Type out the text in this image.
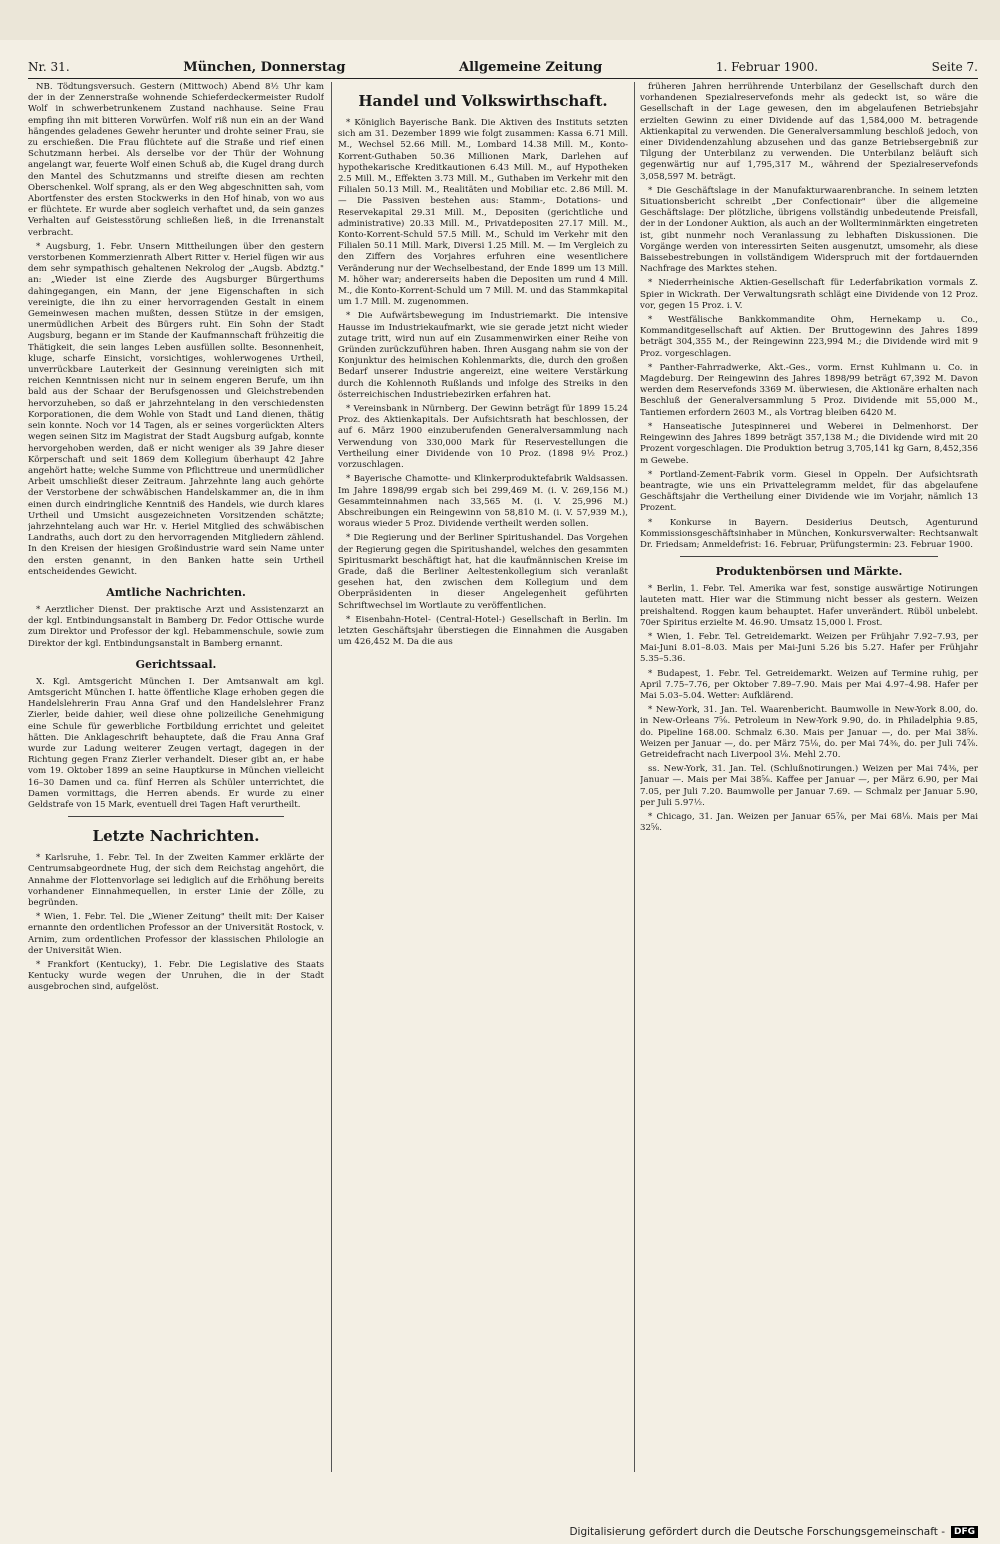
Nr. 31.	München, Donnerstag	Allgemeine Zeitung	1. Februar 1900.	Seite 7.

NB. Tödtungsversuch. Gestern (Mittwoch) Abend 8½ Uhr kam der in der Zennerstraße wohnende Schieferdeckermeister Rudolf Wolf in schwerbetrunkenem Zustand nachhause. Seine Frau empfing ihn mit bitteren Vorwürfen. Wolf riß nun ein an der Wand hängendes geladenes Gewehr herunter und drohte seiner Frau, sie zu erschießen. Die Frau flüchtete auf die Straße und rief einen Schutzmann herbei. Als derselbe vor der Thür der Wohnung angelangt war, feuerte Wolf einen Schuß ab, die Kugel drang durch den Mantel des Schutzmanns und streifte diesen am rechten Oberschenkel. Wolf sprang, als er den Weg abgeschnitten sah, vom Abortfenster des ersten Stockwerks in den Hof hinab, von wo aus er flüchtete. Er wurde aber sogleich verhaftet und, da sein ganzes Verhalten auf Geistesstörung schließen ließ, in die Irrenanstalt verbracht.

* Augsburg, 1. Febr. Unsern Mittheilungen über den gestern verstorbenen Kommerzienrath Albert Ritter v. Heriel fügen wir aus dem sehr sympathisch gehaltenen Nekrolog der „Augsb. Abdztg." an: „Wieder ist eine Zierde des Augsburger Bürgerthums dahingegangen, ein Mann, der jene Eigenschaften in sich vereinigte, die ihn zu einer hervorragenden Gestalt in einem Gemeinwesen machen mußten, dessen Stütze in der emsigen, unermüdlichen Arbeit des Bürgers ruht. Ein Sohn der Stadt Augsburg, begann er im Stande der Kaufmannschaft frühzeitig die Thätigkeit, die sein langes Leben ausfüllen sollte. Besonnenheit, kluge, scharfe Einsicht, vorsichtiges, wohlerwogenes Urtheil, unverrückbare Lauterkeit der Gesinnung vereinigten sich mit reichen Kenntnissen nicht nur in seinem engeren Berufe, um ihn bald aus der Schaar der Berufsgenossen und Gleichstrebenden hervorzuheben, so daß er jahrzehntelang in den verschiedensten Korporationen, die dem Wohle von Stadt und Land dienen, thätig sein konnte. Noch vor 14 Tagen, als er seines vorgerückten Alters wegen seinen Sitz im Magistrat der Stadt Augsburg aufgab, konnte hervorgehoben werden, daß er nicht weniger als 39 Jahre dieser Körperschaft und seit 1869 dem Kollegium überhaupt 42 Jahre angehört hatte; welche Summe von Pflichttreue und unermüdlicher Arbeit umschließt dieser Zeitraum. Jahrzehnte lang auch gehörte der Verstorbene der schwäbischen Handelskammer an, die in ihm einen durch eindringliche Kenntniß des Handels, wie durch klares Urtheil und Umsicht ausgezeichneten Vorsitzenden schätzte; jahrzehntelang auch war Hr. v. Heriel Mitglied des schwäbischen Landraths, auch dort zu den hervorragenden Mitgliedern zählend. In den Kreisen der hiesigen Großindustrie ward sein Name unter den ersten genannt, in den Banken hatte sein Urtheil entscheidendes Gewicht.

Amtliche Nachrichten.

* Aerztlicher Dienst. Der praktische Arzt und Assistenzarzt an der kgl. Entbindungsanstalt in Bamberg Dr. Fedor Ottische wurde zum Direktor und Professor der kgl. Hebammenschule, sowie zum Direktor der kgl. Entbindungsanstalt in Bamberg ernannt.

Gerichtssaal.

X. Kgl. Amtsgericht München I. Der Amtsanwalt am kgl. Amtsgericht München I. hatte öffentliche Klage erhoben gegen die Handelslehrerin Frau Anna Graf und den Handelslehrer Franz Zierler, beide dahier, weil diese ohne polizeiliche Genehmigung eine Schule für gewerbliche Fortbildung errichtet und geleitet hätten. Die Anklageschrift behauptete, daß die Frau Anna Graf wurde zur Ladung weiterer Zeugen vertagt, dagegen in der Richtung gegen Franz Zierler verhandelt. Dieser gibt an, er habe vom 19. Oktober 1899 an seine Hauptkurse in München vielleicht 16–30 Damen und ca. fünf Herren als Schüler unterrichtet, die Damen vormittags, die Herren abends. Er wurde zu einer Geldstrafe von 15 Mark, eventuell drei Tagen Haft verurtheilt.

Letzte Nachrichten.

* Karlsruhe, 1. Febr. Tel. In der Zweiten Kammer erklärte der Centrumsabgeordnete Hug, der sich dem Reichstag angehört, die Annahme der Flottenvorlage sei lediglich auf die Erhöhung bereits vorhandener Einnahmequellen, in erster Linie der Zölle, zu begründen.

* Wien, 1. Febr. Tel. Die „Wiener Zeitung" theilt mit: Der Kaiser ernannte den ordentlichen Professor an der Universität Rostock, v. Arnim, zum ordentlichen Professor der klassischen Philologie an der Universität Wien.

* Frankfort (Kentucky), 1. Febr. Die Legislative des Staats Kentucky wurde wegen der Unruhen, die in der Stadt ausgebrochen sind, aufgelöst.

Handel und Volkswirthschaft.

* Königlich Bayerische Bank. Die Aktiven des Instituts setzten sich am 31. Dezember 1899 wie folgt zusammen: Kassa 6.71 Mill. M., Wechsel 52.66 Mill. M., Lombard 14.38 Mill. M., Konto-Korrent-Guthaben 50.36 Millionen Mark, Darlehen auf hypothekarische Kreditkautionen 6.43 Mill. M., auf Hypotheken 2.5 Mill. M., Effekten 3.73 Mill. M., Guthaben im Verkehr mit den Filialen 50.13 Mill. M., Realitäten und Mobiliar etc. 2.86 Mill. M. — Die Passiven bestehen aus: Stamm-, Dotations- und Reservekapital 29.31 Mill. M., Depositen (gerichtliche und administrative) 20.33 Mill. M., Privatdepositen 27.17 Mill. M., Konto-Korrent-Schuld 57.5 Mill. M., Schuld im Verkehr mit den Filialen 50.11 Mill. Mark, Diversi 1.25 Mill. M. — Im Vergleich zu den Ziffern des Vorjahres erfuhren eine wesentlichere Veränderung nur der Wechselbestand, der Ende 1899 um 13 Mill. M. höher war; andererseits haben die Depositen um rund 4 Mill. M., die Konto-Korrent-Schuld um 7 Mill. M. und das Stammkapital um 1.7 Mill. M. zugenommen.

* Die Aufwärtsbewegung im Industriemarkt. Die intensive Hausse im Industriekaufmarkt, wie sie gerade jetzt nicht wieder zutage tritt, wird nun auf ein Zusammenwirken einer Reihe von Gründen zurückzuführen haben. Ihren Ausgang nahm sie von der Konjunktur des heimischen Kohlenmarkts, die, durch den großen Bedarf unserer Industrie angereizt, eine weitere Verstärkung durch die Kohlennoth Rußlands und infolge des Streiks in den österreichischen Industriebezirken erfahren hat.

* Vereinsbank in Nürnberg. Der Gewinn beträgt für 1899 15.24 Proz. des Aktienkapitals. Der Aufsichtsrath hat beschlossen, der auf 6. März 1900 einzuberufenden Generalversammlung nach Verwendung von 330,000 Mark für Reservestellungen die Vertheilung einer Dividende von 10 Proz. (1898 9½ Proz.) vorzuschlagen.

* Bayerische Chamotte- und Klinkerproduktefabrik Waldsassen. Im Jahre 1898/99 ergab sich bei 299,469 M. (i. V. 269,156 M.) Gesammteinnahmen nach 33,565 M. (i. V. 25,996 M.) Abschreibungen ein Reingewinn von 58,810 M. (i. V. 57,939 M.), woraus wieder 5 Proz. Dividende vertheilt werden sollen.

* Die Regierung und der Berliner Spiritushandel. Das Vorgehen der Regierung gegen die Spiritushandel, welches den gesammten Spiritusmarkt beschäftigt hat, hat die kaufmännischen Kreise im Grade, daß die Berliner Aeltestenkollegium sich veranlaßt gesehen hat, den zwischen dem Kollegium und dem Oberpräsidenten in dieser Angelegenheit geführten Schriftwechsel im Wortlaute zu veröffentlichen.

* Eisenbahn-Hotel- (Central-Hotel-) Gesellschaft in Berlin. Im letzten Geschäftsjahr überstiegen die Einnahmen die Ausgaben um 426,452 M. Da die aus

früheren Jahren herrührende Unterbilanz der Gesellschaft durch den vorhandenen Spezialreservefonds mehr als gedeckt ist, so wäre die Gesellschaft in der Lage gewesen, den im abgelaufenen Betriebsjahr erzielten Gewinn zu einer Dividende auf das 1,584,000 M. betragende Aktienkapital zu verwenden. Die Generalversammlung beschloß jedoch, von einer Dividendenzahlung abzusehen und das ganze Betriebsergebniß zur Tilgung der Unterbilanz zu verwenden. Die Unterbilanz beläuft sich gegenwärtig nur auf 1,795,317 M., während der Spezialreservefonds 3,058,597 M. beträgt.

* Die Geschäftslage in der Manufakturwaarenbranche. In seinem letzten Situationsbericht schreibt „Der Confectionair" über die allgemeine Geschäftslage: Der plötzliche, übrigens vollständig unbedeutende Preisfall, der in der Londoner Auktion, als auch an der Wollterminmärkten eingetreten ist, gibt nunmehr noch Veranlassung zu lebhaften Diskussionen. Die Vorgänge werden von interessirten Seiten ausgenutzt, umsomehr, als diese Baissebestrebungen in vollständigem Widerspruch mit der fortdauernden Nachfrage des Marktes stehen.

* Niederrheinische Aktien-Gesellschaft für Lederfabrikation vormals Z. Spier in Wickrath. Der Verwaltungsrath schlägt eine Dividende von 12 Proz. vor, gegen 15 Proz. i. V.

* Westfälische Bankkommandite Ohm, Hernekamp u. Co., Kommanditgesellschaft auf Aktien. Der Bruttogewinn des Jahres 1899 beträgt 304,355 M., der Reingewinn 223,994 M.; die Dividende wird mit 9 Proz. vorgeschlagen.

* Panther-Fahrradwerke, Akt.-Ges., vorm. Ernst Kuhlmann u. Co. in Magdeburg. Der Reingewinn des Jahres 1898/99 beträgt 67,392 M. Davon werden dem Reservefonds 3369 M. überwiesen, die Aktionäre erhalten nach Beschluß der Generalversammlung 5 Proz. Dividende mit 55,000 M., Tantiemen erfordern 2603 M., als Vortrag bleiben 6420 M.

* Hanseatische Jutespinnerei und Weberei in Delmenhorst. Der Reingewinn des Jahres 1899 beträgt 357,138 M.; die Dividende wird mit 20 Prozent vorgeschlagen. Die Produktion betrug 3,705,141 kg Garn, 8,452,356 m Gewebe.

* Portland-Zement-Fabrik vorm. Giesel in Oppeln. Der Aufsichtsrath beantragte, wie uns ein Privattelegramm meldet, für das abgelaufene Geschäftsjahr die Vertheilung einer Dividende wie im Vorjahr, nämlich 13 Prozent.

* Konkurse in Bayern. Desiderius Deutsch, Agenturund Kommissionsgeschäftsinhaber in München, Konkursverwalter: Rechtsanwalt Dr. Friedsam; Anmeldefrist: 16. Februar, Prüfungstermin: 23. Februar 1900.

Produktenbörsen und Märkte.

* Berlin, 1. Febr. Tel. Amerika war fest, sonstige auswärtige Notirungen lauteten matt. Hier war die Stimmung nicht besser als gestern. Weizen preishaltend. Roggen kaum behauptet. Hafer unverändert. Rüböl unbelebt. 70er Spiritus erzielte M. 46.90. Umsatz 15,000 l. Frost.

* Wien, 1. Febr. Tel. Getreidemarkt. Weizen per Frühjahr 7.92–7.93, per Mai-Juni 8.01–8.03. Mais per Mai-Juni 5.26 bis 5.27. Hafer per Frühjahr 5.35–5.36.

* Budapest, 1. Febr. Tel. Getreidemarkt. Weizen auf Termine ruhig, per April 7.75–7.76, per Oktober 7.89–7.90. Mais per Mai 4.97–4.98. Hafer per Mai 5.03–5.04. Wetter: Aufklärend.

* New-York, 31. Jan. Tel. Waarenbericht. Baumwolle in New-York 8.00, do. in New-Orleans 7⅝. Petroleum in New-York 9.90, do. in Philadelphia 9.85, do. Pipeline 168.00. Schmalz 6.30. Mais per Januar —, do. per Mai 38⅝. Weizen per Januar —, do. per März 75⅛, do. per Mai 74⅜, do. per Juli 74⅞. Getreidefracht nach Liverpool 3⅛. Mehl 2.70.

ss. New-York, 31. Jan. Tel. (Schlußnotirungen.) Weizen per Mai 74⅜, per Januar —. Mais per Mai 38⅝. Kaffee per Januar —, per März 6.90, per Mai 7.05, per Juli 7.20. Baumwolle per Januar 7.69. — Schmalz per Januar 5.90, per Juli 5.97½.

* Chicago, 31. Jan. Weizen per Januar 65⅞, per Mai 68⅛. Mais per Mai 32⅝.

Digitalisierung gefördert durch die Deutsche Forschungsgemeinschaft -	DFG
